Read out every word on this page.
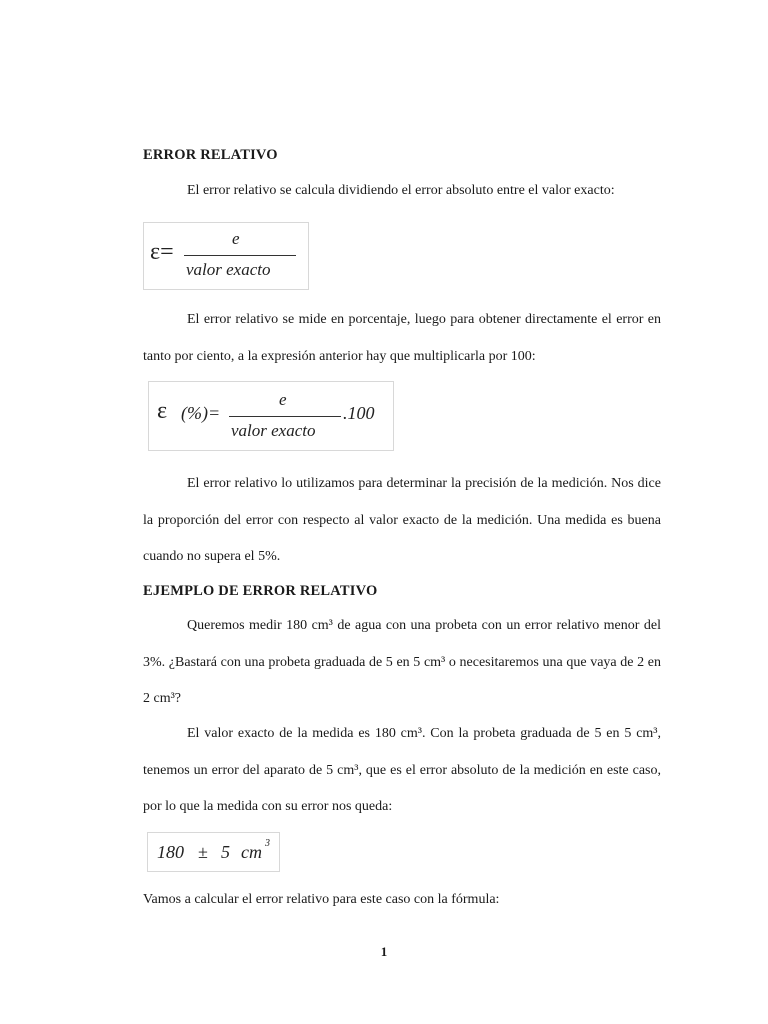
ERROR RELATIVO

El error relativo se calcula dividiendo el error absoluto entre el valor exacto:

ε=
e
valor exacto

El error relativo se mide en porcentaje, luego para obtener directamente el error en tanto por ciento, a la expresión anterior hay que multiplicarla por 100:

ε (%)=
e
valor exacto
.100

El error relativo lo utilizamos para determinar la precisión de la medición. Nos dice la proporción del error con respecto al valor exacto de la medición. Una medida es buena cuando no supera el 5%.

EJEMPLO DE ERROR RELATIVO

Queremos medir 180 cm³ de agua con una probeta con un error relativo menor del 3%. ¿Bastará con una probeta graduada de 5 en 5 cm³ o necesitaremos una que vaya de 2 en 2 cm³?

El valor exacto de la medida es 180 cm³. Con la probeta graduada de 5 en 5 cm³, tenemos un error del aparato de 5 cm³, que es el error absoluto de la medición en este caso, por lo que la medida con su error nos queda:

180 ± 5 cm 3

Vamos a calcular el error relativo para este caso con la fórmula:

1
